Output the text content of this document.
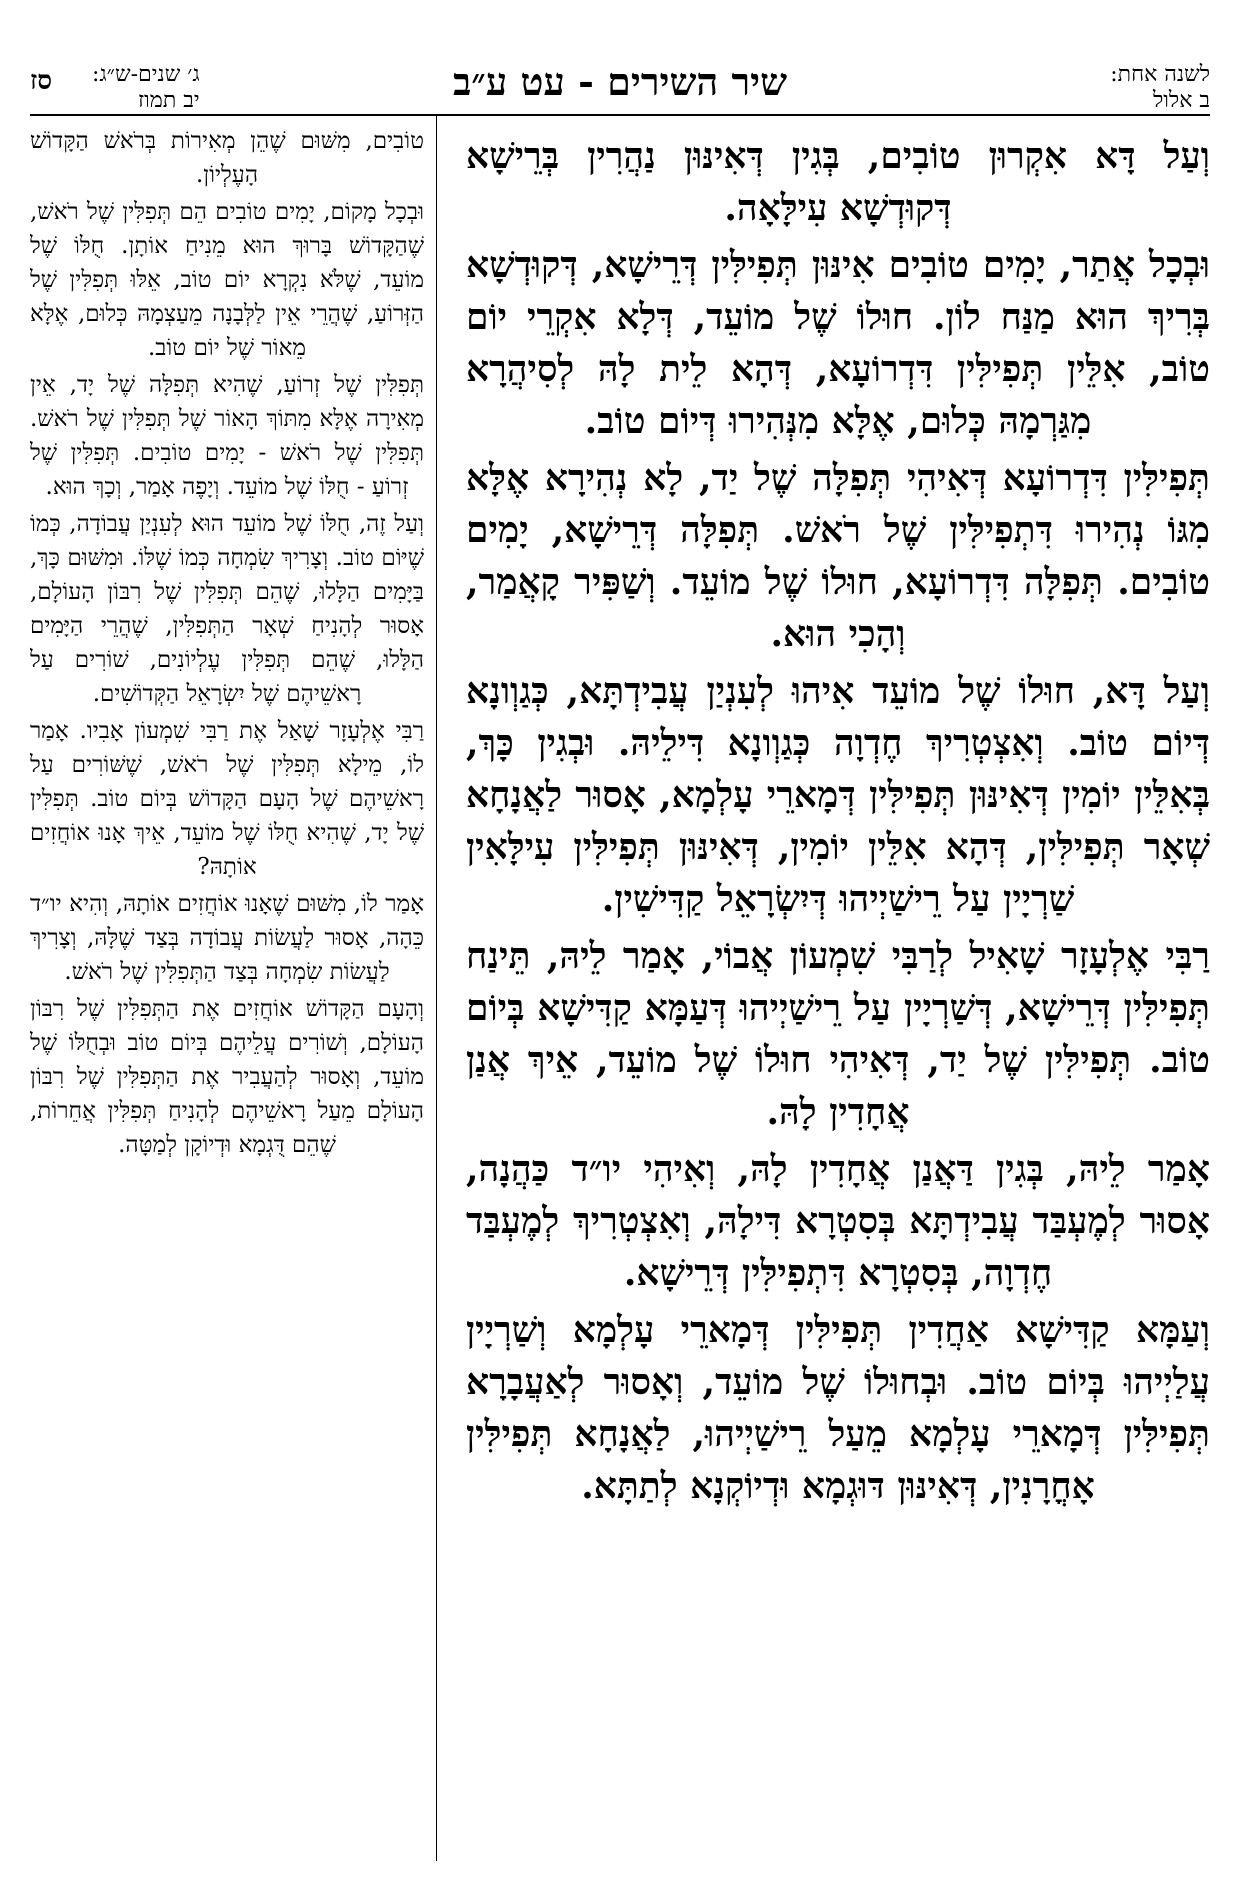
לשנה אחת:
ב אלול
שיר השירים - עט ע״ב
ג׳ שנים-ש״ג:
יב תמוז
סז

וְעַל דָּא אִקְרוּן טוֹבִים, בְּגִין דְּאִינּוּן נַהֲרִין בְּרֵישָׁא דְּקוּדְשָׁא עִילָּאָה.

וּבְכָל אֲתַר, יָמִים טוֹבִים אִינּוּן תְּפִילִּין דְּרֵישָׁא, דְּקוּדְשָׁא בְּרִיךְ הוּא מַנַּח לוֹן. חוּלוֹ שֶׁל מוֹעֵד, דְּלָא אִקְרֵי יוֹם טוֹב, אִלֵּין תְּפִילִּין דִּדְרוֹעָא, דְּהָא לֵית לָהּ לְסִיהֲרָא מִגַּרְמָהּ כְּלוּם, אֶלָּא מִנְּהִירוּ דְּיוֹם טוֹב.

תְּפִילִּין דִּדְרוֹעָא דְּאִיהִי תְּפִלָּה שֶׁל יַד, לָא נְהִירָא אֶלָּא מִגּוֹ נְהִירוּ דִּתְפִילִּין שֶׁל רֹאשׁ. תְּפִלָּה דְּרֵישָׁא, יָמִים טוֹבִים. תְּפִלָּה דִּדְרוֹעָא, חוּלוֹ שֶׁל מוֹעֵד. וְשַׁפִּיר קָאֲמַר, וְהָכִי הוּא.

וְעַל דָּא, חוּלוֹ שֶׁל מוֹעֵד אִיהוּ לְעִנְיַן עֲבִידְתָּא, כְּגַוְונָא דְּיוֹם טוֹב. וְאִצְטְרִיךְ חֶדְוָה כְּגַוְונָא דִּילֵיהּ. וּבְגִין כָּךְ, בְּאִלֵּין יוֹמִין דְּאִינּוּן תְּפִילִּין דְּמָארֵי עָלְמָא, אָסוּר לַאֲנָחָא שְׁאָר תְּפִילִּין, דְּהָא אִלֵּין יוֹמִין, דְּאִינּוּן תְּפִילִּין עִילָּאִין שַׁרְיָין עַל רֵישַׁיְיהוּ דְּיִשְׂרָאֵל קַדִּישִׁין.

רַבִּי אֶלְעָזָר שָׁאִיל לְרַבִּי שִׁמְעוֹן אֲבוֹי, אָמַר לֵיהּ, תֵּינַח תְּפִילִּין דְּרֵישָׁא, דְּשַׁרְיָין עַל רֵישַׁיְיהוּ דְּעַמָּא קַדִּישָׁא בְּיוֹם טוֹב. תְּפִילִּין שֶׁל יַד, דְּאִיהִי חוּלוֹ שֶׁל מוֹעֵד, אֵיךְ אֲנַן אֲחָדִין לָהּ.

אָמַר לֵיהּ, בְּגִין דַּאֲנַן אֲחָדִין לָהּ, וְאִיהִי יו״ד כַּהֲנָה, אָסוּר לְמֶעְבַּד עֲבִידְתָּא בְּסִטְרָא דִּילָהּ, וְאִצְטְרִיךְ לְמֶעְבַּד חֶדְוָה, בְּסִטְרָא דִּתְפִילִּין דְּרֵישָׁא.

וְעַמָּא קַדִּישָׁא אַחֲדִין תְּפִילִּין דְּמָארֵי עָלְמָא וְשַׁרְיָין עֲלַיְיהוּ בְּיוֹם טוֹב. וּבְחוּלוֹ שֶׁל מוֹעֵד, וְאָסוּר לְאַעֲבָרָא תְּפִילִּין דְּמָארֵי עָלְמָא מֵעַל רֵישַׁיְיהוּ, לַאֲנָחָא תְּפִילִּין אָחֳרָנִין, דְּאִינּוּן דּוּגְמָא וּדְיוֹקְנָא לְתַתָּא.

טוֹבִים, מִשּׁוּם שֶׁהֵן מְאִירוֹת בְּרֹאשׁ הַקָּדוֹשׁ הָעֶלְיוֹן.

וּבְכָל מָקוֹם, יָמִים טוֹבִים הֵם תְּפִלִּין שֶׁל רֹאשׁ, שֶׁהַקָּדוֹשׁ בָּרוּךְ הוּא מֵנִיחַ אוֹתָן. חֻלּוֹ שֶׁל מוֹעֵד, שֶׁלֹּא נִקְרָא יוֹם טוֹב, אֵלּוּ תְּפִלִּין שֶׁל הַזְּרוֹעַ, שֶׁהֲרֵי אֵין לַלְּבָנָה מֵעַצְמָהּ כְּלוּם, אֶלָּא מֵאוֹר שֶׁל יוֹם טוֹב.

תְּפִלִּין שֶׁל זְרוֹעַ, שֶׁהִיא תְּפִלָּה שֶׁל יָד, אֵין מְאִירָה אֶלָּא מִתּוֹךְ הָאוֹר שֶׁל תְּפִלִּין שֶׁל רֹאשׁ. תְּפִלִּין שֶׁל רֹאשׁ - יָמִים טוֹבִים. תְּפִלִּין שֶׁל זְרוֹעַ - חֻלּוֹ שֶׁל מוֹעֵד. וְיָפֶה אָמַר, וְכָךְ הוּא.

וְעַל זֶה, חֻלּוֹ שֶׁל מוֹעֵד הוּא לְעִנְיַן עֲבוֹדָה, כְּמוֹ שֶׁיּוֹם טוֹב. וְצָרִיךְ שִׂמְחָה כְּמוֹ שֶׁלּוֹ. וּמִשּׁוּם כָּךְ, בַּיָּמִים הַלָּלוּ, שֶׁהֵם תְּפִלִּין שֶׁל רִבּוֹן הָעוֹלָם, אָסוּר לְהָנִיחַ שְׁאָר הַתְּפִלִּין, שֶׁהֲרֵי הַיָּמִים הַלָּלוּ, שֶׁהֵם תְּפִלִּין עֶלְיוֹנִים, שׁוֹרִים עַל רָאשֵׁיהֶם שֶׁל יִשְׂרָאֵל הַקְּדוֹשִׁים.

רַבִּי אֶלְעָזָר שָׁאַל אֶת רַבִּי שִׁמְעוֹן אָבִיו. אָמַר לוֹ, מֵילָא תְּפִלִּין שֶׁל רֹאשׁ, שֶׁשּׁוֹרִים עַל רָאשֵׁיהֶם שֶׁל הָעָם הַקָּדוֹשׁ בְּיוֹם טוֹב. תְּפִלִּין שֶׁל יָד, שֶׁהִיא חֻלּוֹ שֶׁל מוֹעֵד, אֵיךְ אָנוּ אוֹחֲזִים אוֹתָהּ?

אָמַר לוֹ, מִשּׁוּם שֶׁאָנוּ אוֹחֲזִים אוֹתָהּ, וְהִיא יו״ד כֵּהָה, אָסוּר לַעֲשׂוֹת עֲבוֹדָה בְּצַד שֶׁלָּהּ, וְצָרִיךְ לַעֲשׂוֹת שִׂמְחָה בְּצַד הַתְּפִלִּין שֶׁל רֹאשׁ.

וְהָעָם הַקָּדוֹשׁ אוֹחֲזִים אֶת הַתְּפִלִּין שֶׁל רִבּוֹן הָעוֹלָם, וְשׁוֹרִים עֲלֵיהֶם בְּיוֹם טוֹב וּבְחֻלּוֹ שֶׁל מוֹעֵד, וְאָסוּר לְהַעֲבִיר אֶת הַתְּפִלִּין שֶׁל רִבּוֹן הָעוֹלָם מֵעַל רָאשֵׁיהֶם לְהָנִיחַ תְּפִלִּין אֲחֵרוֹת, שֶׁהֵם דֻּגְמָא וּדְיוֹקָן לְמַטָּה.
